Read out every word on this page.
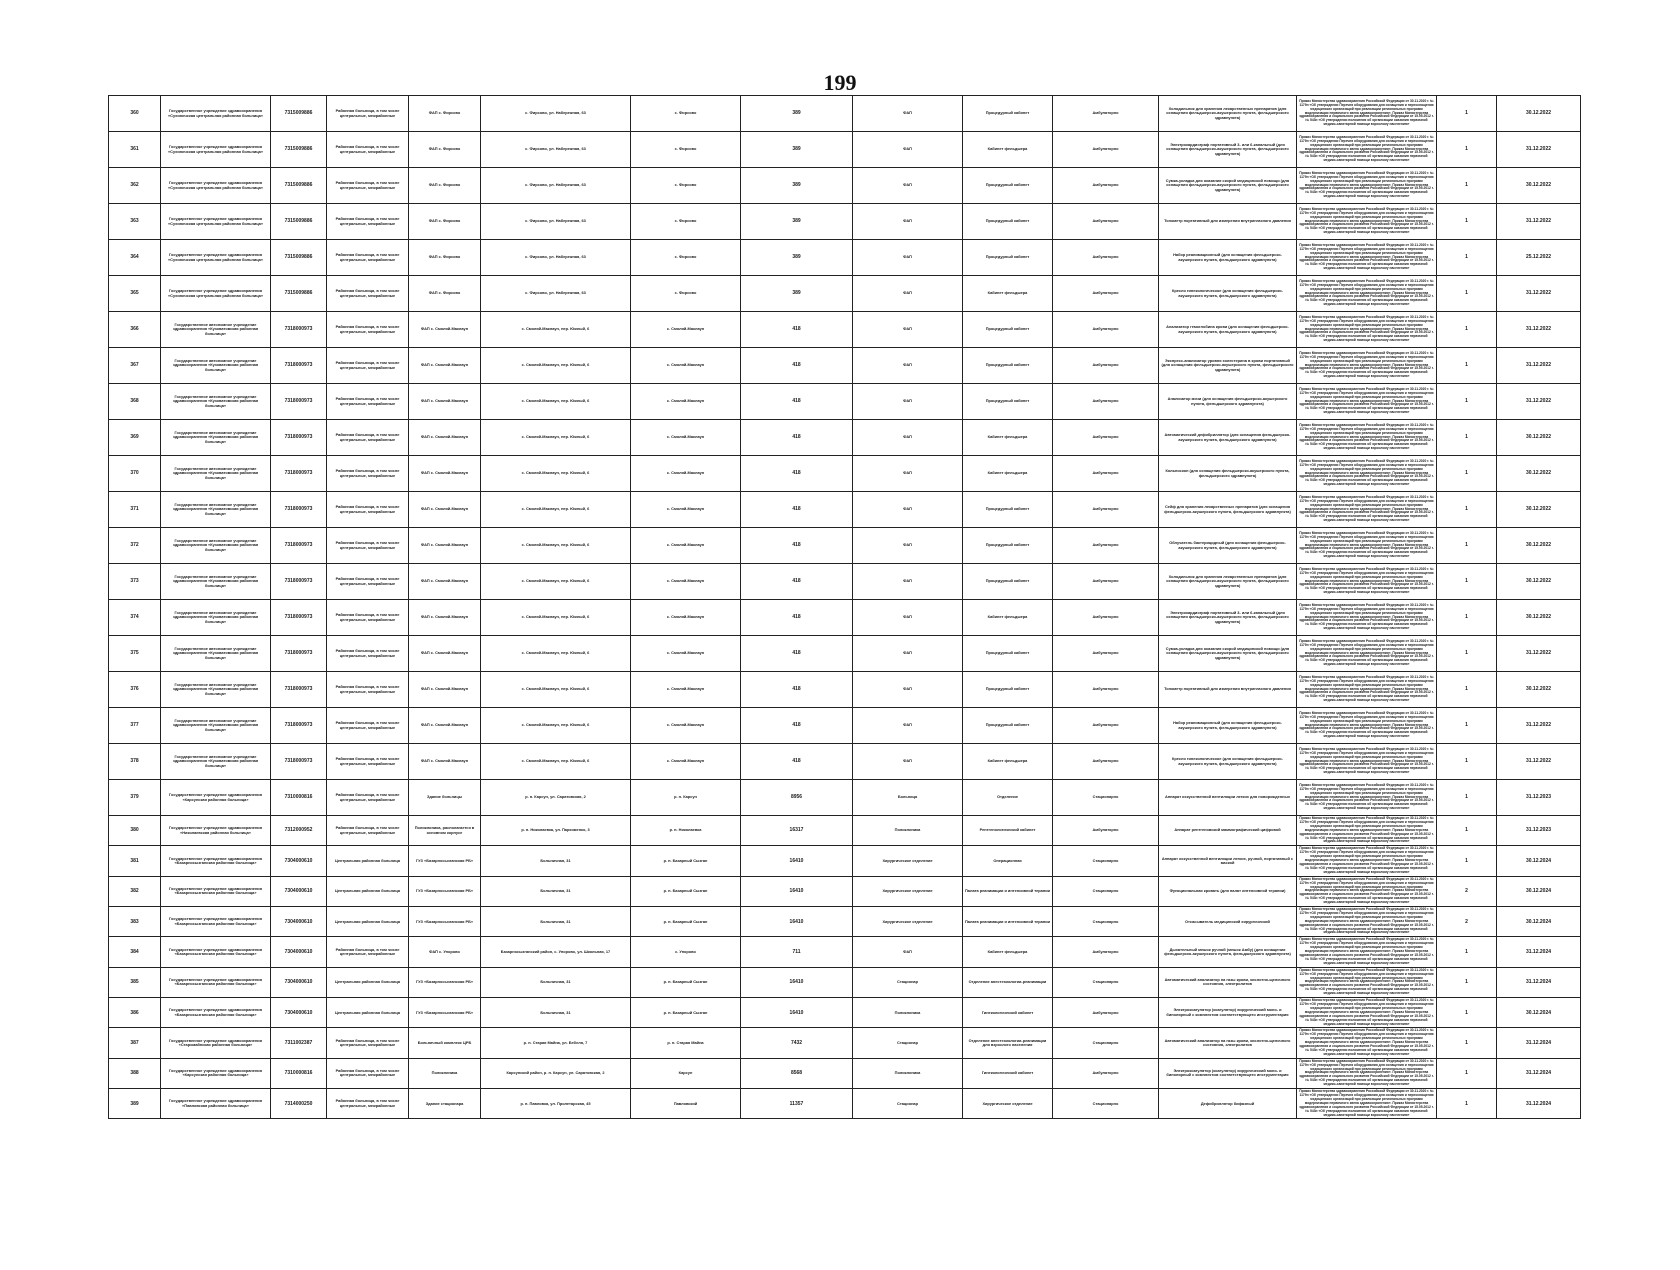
199
360	Государственное учреждение здравоохранения «Сухиничская центральная районная больница»	7315009886	Районная больница, в том числе центральные, межрайонные	ФАП с. Фирсово	с. Фирсово, ул. Набережная, 63	с. Фирсово	389	ФАП	Процедурный кабинет	Амбулаторно	Холодильник для хранения лекарственных препаратов (для оснащения фельдшерско-акушерского пункта, фельдшерского здравпункта)	Приказ Министерства здравоохранения Российской Федерации от 30.11.2020 г. № 1179н «Об утверждении Перечня оборудования для оснащения и переоснащения медицинских организаций при реализации региональных программ модернизации первичного звена здравоохранения». Приказ Министерства здравоохранения и социального развития Российской Федерации от 15.05.2012 г. № 543н «Об утверждении положения об организации оказания первичной медико-санитарной помощи взрослому населению»	1	30.12.2022
361	Государственное учреждение здравоохранения «Сухиничская центральная районная больница»	7315009886	Районная больница, в том числе центральные, межрайонные	ФАП с. Фирсово	с. Фирсово, ул. Набережная, 63	с. Фирсово	389	ФАП	Кабинет фельдшера	Амбулаторно	Электрокардиограф портативный 3- или 6-канальный (для оснащения фельдшерско-акушерского пункта, фельдшерского здравпункта)	Приказ Министерства здравоохранения Российской Федерации от 30.11.2020 г. № 1179н «Об утверждении Перечня оборудования для оснащения и переоснащения медицинских организаций при реализации региональных программ модернизации первичного звена здравоохранения». Приказ Министерства здравоохранения и социального развития Российской Федерации от 15.05.2012 г. № 543н «Об утверждении положения об организации оказания первичной медико-санитарной помощи взрослому населению»	1	31.12.2022
362	Государственное учреждение здравоохранения «Сухиничская центральная районная больница»	7315009886	Районная больница, в том числе центральные, межрайонные	ФАП с. Фирсово	с. Фирсово, ул. Набережная, 63	с. Фирсово	389	ФАП	Процедурный кабинет	Амбулаторно	Сумка-укладка для оказания скорой медицинской помощи (для оснащения фельдшерско-акушерского пункта, фельдшерского здравпункта)	Приказ Министерства здравоохранения Российской Федерации от 30.11.2020 г. № 1179н «Об утверждении Перечня оборудования для оснащения и переоснащения медицинских организаций при реализации региональных программ модернизации первичного звена здравоохранения». Приказ Министерства здравоохранения и социального развития Российской Федерации от 15.05.2012 г. № 543н «Об утверждении положения об организации оказания первичной медико-санитарной помощи взрослому населению»	1	30.12.2022
363	Государственное учреждение здравоохранения «Сухиничская центральная районная больница»	7315009886	Районная больница, в том числе центральные, межрайонные	ФАП с. Фирсово	с. Фирсово, ул. Набережная, 63	с. Фирсово	389	ФАП	Процедурный кабинет	Амбулаторно	Тонометр портативный для измерения внутриглазного давления	Приказ Министерства здравоохранения Российской Федерации от 30.11.2020 г. № 1179н «Об утверждении Перечня оборудования для оснащения и переоснащения медицинских организаций при реализации региональных программ модернизации первичного звена здравоохранения». Приказ Министерства здравоохранения и социального развития Российской Федерации от 15.05.2012 г. № 543н «Об утверждении положения об организации оказания первичной медико-санитарной помощи взрослому населению»	1	31.12.2022
364	Государственное учреждение здравоохранения «Сухиничская центральная районная больница»	7315009886	Районная больница, в том числе центральные, межрайонные	ФАП с. Фирсово	с. Фирсово, ул. Набережная, 63	с. Фирсово	389	ФАП	Процедурный кабинет	Амбулаторно	Набор реанимационный (для оснащения фельдшерско-акушерского пункта, фельдшерского здравпункта)	Приказ Министерства здравоохранения Российской Федерации от 30.11.2020 г. № 1179н «Об утверждении Перечня оборудования для оснащения и переоснащения медицинских организаций при реализации региональных программ модернизации первичного звена здравоохранения». Приказ Министерства здравоохранения и социального развития Российской Федерации от 15.05.2012 г. № 543н «Об утверждении положения об организации оказания первичной медико-санитарной помощи взрослому населению»	1	25.12.2022
365	Государственное учреждение здравоохранения «Сухиничская центральная районная больница»	7315009886	Районная больница, в том числе центральные, межрайонные	ФАП с. Фирсово	с. Фирсово, ул. Набережная, 63	с. Фирсово	389	ФАП	Кабинет фельдшера	Амбулаторно	Кресло гинекологическое (для оснащения фельдшерско-акушерского пункта, фельдшерского здравпункта)	Приказ Министерства здравоохранения Российской Федерации от 30.11.2020 г. № 1179н «Об утверждении Перечня оборудования для оснащения и переоснащения медицинских организаций при реализации региональных программ модернизации первичного звена здравоохранения». Приказ Министерства здравоохранения и социального развития Российской Федерации от 15.05.2012 г. № 543н «Об утверждении положения об организации оказания первичной медико-санитарной помощи взрослому населению»	1	31.12.2022
366	Государственное автономное учреждение здравоохранения «Кузоватовская районная больница»	7318000973	Районная больница, в том числе центральные, межрайонные	ФАП с. Смоляй-Маклаун	с. Смоляй-Маклаун, пер. Южный, 6	с. Смоляй-Маклаун	418	ФАП	Процедурный кабинет	Амбулаторно	Анализатор гемоглобина крови (для оснащения фельдшерско-акушерского пункта, фельдшерского здравпункта)	Приказ Министерства здравоохранения Российской Федерации от 30.11.2020 г. № 1179н «Об утверждении Перечня оборудования для оснащения и переоснащения медицинских организаций при реализации региональных программ модернизации первичного звена здравоохранения». Приказ Министерства здравоохранения и социального развития Российской Федерации от 15.05.2012 г. № 543н «Об утверждении положения об организации оказания первичной медико-санитарной помощи взрослому населению»	1	31.12.2022
367	Государственное автономное учреждение здравоохранения «Кузоватовская районная больница»	7318000973	Районная больница, в том числе центральные, межрайонные	ФАП с. Смоляй-Маклаун	с. Смоляй-Маклаун, пер. Южный, 6	с. Смоляй-Маклаун	418	ФАП	Процедурный кабинет	Амбулаторно	Экспресс-анализатор уровня холестерина в крови портативный (для оснащения фельдшерско-акушерского пункта, фельдшерского здравпункта)	Приказ Министерства здравоохранения Российской Федерации от 30.11.2020 г. № 1179н «Об утверждении Перечня оборудования для оснащения и переоснащения медицинских организаций при реализации региональных программ модернизации первичного звена здравоохранения». Приказ Министерства здравоохранения и социального развития Российской Федерации от 15.05.2012 г. № 543н «Об утверждении положения об организации оказания первичной медико-санитарной помощи взрослому населению»	1	31.12.2022
368	Государственное автономное учреждение здравоохранения «Кузоватовская районная больница»	7318000973	Районная больница, в том числе центральные, межрайонные	ФАП с. Смоляй-Маклаун	с. Смоляй-Маклаун, пер. Южный, 6	с. Смоляй-Маклаун	418	ФАП	Процедурный кабинет	Амбулаторно	Анализатор мочи (для оснащения фельдшерско-акушерского пункта, фельдшерского здравпункта)	Приказ Министерства здравоохранения Российской Федерации от 30.11.2020 г. № 1179н «Об утверждении Перечня оборудования для оснащения и переоснащения медицинских организаций при реализации региональных программ модернизации первичного звена здравоохранения». Приказ Министерства здравоохранения и социального развития Российской Федерации от 15.05.2012 г. № 543н «Об утверждении положения об организации оказания первичной медико-санитарной помощи взрослому населению»	1	31.12.2022
369	Государственное автономное учреждение здравоохранения «Кузоватовская районная больница»	7318000973	Районная больница, в том числе центральные, межрайонные	ФАП с. Смоляй-Маклаун	с. Смоляй-Маклаун, пер. Южный, 6	с. Смоляй-Маклаун	418	ФАП	Кабинет фельдшера	Амбулаторно	Автоматический дефибриллятор (для оснащения фельдшерско-акушерского пункта, фельдшерского здравпункта)	Приказ Министерства здравоохранения Российской Федерации от 30.11.2020 г. № 1179н «Об утверждении Перечня оборудования для оснащения и переоснащения медицинских организаций при реализации региональных программ модернизации первичного звена здравоохранения». Приказ Министерства здравоохранения и социального развития Российской Федерации от 15.05.2012 г. № 543н «Об утверждении положения об организации оказания первичной медико-санитарной помощи взрослому населению»	1	30.12.2022
370	Государственное автономное учреждение здравоохранения «Кузоватовская районная больница»	7318000973	Районная больница, в том числе центральные, межрайонные	ФАП с. Смоляй-Маклаун	с. Смоляй-Маклаун, пер. Южный, 6	с. Смоляй-Маклаун	418	ФАП	Кабинет фельдшера	Амбулаторно	Кольпоскоп (для оснащения фельдшерско-акушерского пункта, фельдшерского здравпункта)	Приказ Министерства здравоохранения Российской Федерации от 30.11.2020 г. № 1179н «Об утверждении Перечня оборудования для оснащения и переоснащения медицинских организаций при реализации региональных программ модернизации первичного звена здравоохранения». Приказ Министерства здравоохранения и социального развития Российской Федерации от 15.05.2012 г. № 543н «Об утверждении положения об организации оказания первичной медико-санитарной помощи взрослому населению»	1	30.12.2022
371	Государственное автономное учреждение здравоохранения «Кузоватовская районная больница»	7318000973	Районная больница, в том числе центральные, межрайонные	ФАП с. Смоляй-Маклаун	с. Смоляй-Маклаун, пер. Южный, 6	с. Смоляй-Маклаун	418	ФАП	Процедурный кабинет	Амбулаторно	Сейф для хранения лекарственных препаратов (для оснащения фельдшерско-акушерского пункта, фельдшерского здравпункта)	Приказ Министерства здравоохранения Российской Федерации от 30.11.2020 г. № 1179н «Об утверждении Перечня оборудования для оснащения и переоснащения медицинских организаций при реализации региональных программ модернизации первичного звена здравоохранения». Приказ Министерства здравоохранения и социального развития Российской Федерации от 15.05.2012 г. № 543н «Об утверждении положения об организации оказания первичной медико-санитарной помощи взрослому населению»	1	30.12.2022
372	Государственное автономное учреждение здравоохранения «Кузоватовская районная больница»	7318000973	Районная больница, в том числе центральные, межрайонные	ФАП с. Смоляй-Маклаун	с. Смоляй-Маклаун, пер. Южный, 6	с. Смоляй-Маклаун	418	ФАП	Процедурный кабинет	Амбулаторно	Облучатель бактерицидный (для оснащения фельдшерско-акушерского пункта, фельдшерского здравпункта)	Приказ Министерства здравоохранения Российской Федерации от 30.11.2020 г. № 1179н «Об утверждении Перечня оборудования для оснащения и переоснащения медицинских организаций при реализации региональных программ модернизации первичного звена здравоохранения». Приказ Министерства здравоохранения и социального развития Российской Федерации от 15.05.2012 г. № 543н «Об утверждении положения об организации оказания первичной медико-санитарной помощи взрослому населению»	1	30.12.2022
373	Государственное автономное учреждение здравоохранения «Кузоватовская районная больница»	7318000973	Районная больница, в том числе центральные, межрайонные	ФАП с. Смоляй-Маклаун	с. Смоляй-Маклаун, пер. Южный, 6	с. Смоляй-Маклаун	418	ФАП	Процедурный кабинет	Амбулаторно	Холодильник для хранения лекарственных препаратов (для оснащения фельдшерско-акушерского пункта, фельдшерского здравпункта)	Приказ Министерства здравоохранения Российской Федерации от 30.11.2020 г. № 1179н «Об утверждении Перечня оборудования для оснащения и переоснащения медицинских организаций при реализации региональных программ модернизации первичного звена здравоохранения». Приказ Министерства здравоохранения и социального развития Российской Федерации от 15.05.2012 г. № 543н «Об утверждении положения об организации оказания первичной медико-санитарной помощи взрослому населению»	1	30.12.2022
374	Государственное автономное учреждение здравоохранения «Кузоватовская районная больница»	7318000973	Районная больница, в том числе центральные, межрайонные	ФАП с. Смоляй-Маклаун	с. Смоляй-Маклаун, пер. Южный, 6	с. Смоляй-Маклаун	418	ФАП	Кабинет фельдшера	Амбулаторно	Электрокардиограф портативный 3- или 6-канальный (для оснащения фельдшерско-акушерского пункта, фельдшерского здравпункта)	Приказ Министерства здравоохранения Российской Федерации от 30.11.2020 г. № 1179н «Об утверждении Перечня оборудования для оснащения и переоснащения медицинских организаций при реализации региональных программ модернизации первичного звена здравоохранения». Приказ Министерства здравоохранения и социального развития Российской Федерации от 15.05.2012 г. № 543н «Об утверждении положения об организации оказания первичной медико-санитарной помощи взрослому населению»	1	30.12.2022
375	Государственное автономное учреждение здравоохранения «Кузоватовская районная больница»	7318000973	Районная больница, в том числе центральные, межрайонные	ФАП с. Смоляй-Маклаун	с. Смоляй-Маклаун, пер. Южный, 6	с. Смоляй-Маклаун	418	ФАП	Процедурный кабинет	Амбулаторно	Сумка-укладка для оказания скорой медицинской помощи (для оснащения фельдшерско-акушерского пункта, фельдшерского здравпункта)	Приказ Министерства здравоохранения Российской Федерации от 30.11.2020 г. № 1179н «Об утверждении Перечня оборудования для оснащения и переоснащения медицинских организаций при реализации региональных программ модернизации первичного звена здравоохранения». Приказ Министерства здравоохранения и социального развития Российской Федерации от 15.05.2012 г. № 543н «Об утверждении положения об организации оказания первичной медико-санитарной помощи взрослому населению»	1	31.12.2022
376	Государственное автономное учреждение здравоохранения «Кузоватовская районная больница»	7318000973	Районная больница, в том числе центральные, межрайонные	ФАП с. Смоляй-Маклаун	с. Смоляй-Маклаун, пер. Южный, 6	с. Смоляй-Маклаун	418	ФАП	Процедурный кабинет	Амбулаторно	Тонометр портативный для измерения внутриглазного давления	Приказ Министерства здравоохранения Российской Федерации от 30.11.2020 г. № 1179н «Об утверждении Перечня оборудования для оснащения и переоснащения медицинских организаций при реализации региональных программ модернизации первичного звена здравоохранения». Приказ Министерства здравоохранения и социального развития Российской Федерации от 15.05.2012 г. № 543н «Об утверждении положения об организации оказания первичной медико-санитарной помощи взрослому населению»	1	30.12.2022
377	Государственное автономное учреждение здравоохранения «Кузоватовская районная больница»	7318000973	Районная больница, в том числе центральные, межрайонные	ФАП с. Смоляй-Маклаун	с. Смоляй-Маклаун, пер. Южный, 6	с. Смоляй-Маклаун	418	ФАП	Процедурный кабинет	Амбулаторно	Набор реанимационный (для оснащения фельдшерско-акушерского пункта, фельдшерского здравпункта)	Приказ Министерства здравоохранения Российской Федерации от 30.11.2020 г. № 1179н «Об утверждении Перечня оборудования для оснащения и переоснащения медицинских организаций при реализации региональных программ модернизации первичного звена здравоохранения». Приказ Министерства здравоохранения и социального развития Российской Федерации от 15.05.2012 г. № 543н «Об утверждении положения об организации оказания первичной медико-санитарной помощи взрослому населению»	1	31.12.2022
378	Государственное автономное учреждение здравоохранения «Кузоватовская районная больница»	7318000973	Районная больница, в том числе центральные, межрайонные	ФАП с. Смоляй-Маклаун	с. Смоляй-Маклаун, пер. Южный, 6	с. Смоляй-Маклаун	418	ФАП	Кабинет фельдшера	Амбулаторно	Кресло гинекологическое (для оснащения фельдшерско-акушерского пункта, фельдшерского здравпункта)	Приказ Министерства здравоохранения Российской Федерации от 30.11.2020 г. № 1179н «Об утверждении Перечня оборудования для оснащения и переоснащения медицинских организаций при реализации региональных программ модернизации первичного звена здравоохранения». Приказ Министерства здравоохранения и социального развития Российской Федерации от 15.05.2012 г. № 543н «Об утверждении положения об организации оказания первичной медико-санитарной помощи взрослому населению»	1	31.12.2022
379	Государственное учреждение здравоохранения «Карсунская районная больница»	7310000816	Районная больница, в том числе центральные, межрайонные	Здание больницы	р. п. Карсун, ул. Саратовская, 2	р. п. Карсун	8956	Больница	Отделение	Стационарно	Аппарат искусственной вентиляции легких для новорожденных	Приказ Министерства здравоохранения Российской Федерации от 30.11.2020 г. № 1179н «Об утверждении Перечня оборудования для оснащения и переоснащения медицинских организаций при реализации региональных программ модернизации первичного звена здравоохранения». Приказ Министерства здравоохранения и социального развития Российской Федерации от 15.05.2012 г. № 543н «Об утверждении положения об организации оказания первичной медико-санитарной помощи взрослому населению»	1	31.12.2023
380	Государственное учреждение здравоохранения «Николаевская районная больница»	7312000952	Районная больница, в том числе центральные, межрайонные	Поликлиника, располагается в основном корпусе	р. п. Николаевка, ул. Пархоменко, 3	р. п. Николаевка	16317	Поликлиника	Рентгенологический кабинет	Амбулаторно	Аппарат рентгеновский маммографический цифровой	Приказ Министерства здравоохранения Российской Федерации от 30.11.2020 г. № 1179н «Об утверждении Перечня оборудования для оснащения и переоснащения медицинских организаций при реализации региональных программ модернизации первичного звена здравоохранения». Приказ Министерства здравоохранения и социального развития Российской Федерации от 15.05.2012 г. № 543н «Об утверждении положения об организации оказания первичной медико-санитарной помощи взрослому населению»	1	31.12.2023
381	Государственное учреждение здравоохранения «Базарносызганская районная больница»	7304000610	Центральная районная больница	ГУЗ «Базарносызганская РБ»	Больничная, 31	р. п. Базарный Сызган	16410	Хирургическое отделение	Операционная	Стационарно	Аппарат искусственной вентиляции легких, ручной, портативный с маской	Приказ Министерства здравоохранения Российской Федерации от 30.11.2020 г. № 1179н «Об утверждении Перечня оборудования для оснащения и переоснащения медицинских организаций при реализации региональных программ модернизации первичного звена здравоохранения». Приказ Министерства здравоохранения и социального развития Российской Федерации от 15.05.2012 г. № 543н «Об утверждении положения об организации оказания первичной медико-санитарной помощи взрослому населению»	1	30.12.2024
382	Государственное учреждение здравоохранения «Базарносызганская районная больница»	7304000610	Центральная районная больница	ГУЗ «Базарносызганская РБ»	Больничная, 31	р. п. Базарный Сызган	16410	Хирургическое отделение	Палата реанимации и интенсивной терапии	Стационарно	Функциональная кровать (для палат интенсивной терапии)	Приказ Министерства здравоохранения Российской Федерации от 30.11.2020 г. № 1179н «Об утверждении Перечня оборудования для оснащения и переоснащения медицинских организаций при реализации региональных программ модернизации первичного звена здравоохранения». Приказ Министерства здравоохранения и социального развития Российской Федерации от 15.05.2012 г. № 543н «Об утверждении положения об организации оказания первичной медико-санитарной помощи взрослому населению»	2	30.12.2024
383	Государственное учреждение здравоохранения «Базарносызганская районная больница»	7304000610	Центральная районная больница	ГУЗ «Базарносызганская РБ»	Больничная, 31	р. п. Базарный Сызган	16410	Хирургическое отделение	Палата реанимации и интенсивной терапии	Стационарно	Отсасыватель медицинский хирургический	Приказ Министерства здравоохранения Российской Федерации от 30.11.2020 г. № 1179н «Об утверждении Перечня оборудования для оснащения и переоснащения медицинских организаций при реализации региональных программ модернизации первичного звена здравоохранения». Приказ Министерства здравоохранения и социального развития Российской Федерации от 15.05.2012 г. № 543н «Об утверждении положения об организации оказания первичной медико-санитарной помощи взрослому населению»	2	30.12.2024
384	Государственное учреждение здравоохранения «Базарносызганская районная больница»	7304000610	Районная больница, в том числе центральные, межрайонные	ФАП с. Упорово	Базарносызганский район, с. Упорово, ул. Школьная, 17	с. Упорово	711	ФАП	Кабинет фельдшера	Амбулаторно	Дыхательный мешок ручной (мешок Амбу) (для оснащения фельдшерско-акушерского пункта, фельдшерского здравпункта)	Приказ Министерства здравоохранения Российской Федерации от 30.11.2020 г. № 1179н «Об утверждении Перечня оборудования для оснащения и переоснащения медицинских организаций при реализации региональных программ модернизации первичного звена здравоохранения». Приказ Министерства здравоохранения и социального развития Российской Федерации от 15.05.2012 г. № 543н «Об утверждении положения об организации оказания первичной медико-санитарной помощи взрослому населению»	1	31.12.2024
385	Государственное учреждение здравоохранения «Базарносызганская районная больница»	7304000610	Центральная районная больница	ГУЗ «Базарносызганская РБ»	Больничная, 31	р. п. Базарный Сызган	16410	Стационар	Отделение анестезиологии-реанимации	Стационарно	Автоматический анализатор на газы крови, кислотно-щелочного состояния, электролитов	Приказ Министерства здравоохранения Российской Федерации от 30.11.2020 г. № 1179н «Об утверждении Перечня оборудования для оснащения и переоснащения медицинских организаций при реализации региональных программ модернизации первичного звена здравоохранения». Приказ Министерства здравоохранения и социального развития Российской Федерации от 15.05.2012 г. № 543н «Об утверждении положения об организации оказания первичной медико-санитарной помощи взрослому населению»	1	31.12.2024
386	Государственное учреждение здравоохранения «Базарносызганская районная больница»	7304000610	Центральная районная больница	ГУЗ «Базарносызганская РБ»	Больничная, 31	р. п. Базарный Сызган	16410	Поликлиника	Гинекологический кабинет	Амбулаторно	Электрокоагулятор (коагулятор) хирургический моно- и биполярный с комплектом соответствующего инструментария	Приказ Министерства здравоохранения Российской Федерации от 30.11.2020 г. № 1179н «Об утверждении Перечня оборудования для оснащения и переоснащения медицинских организаций при реализации региональных программ модернизации первичного звена здравоохранения». Приказ Министерства здравоохранения и социального развития Российской Федерации от 15.05.2012 г. № 543н «Об утверждении положения об организации оказания первичной медико-санитарной помощи взрослому населению»	1	30.12.2024
387	Государственное учреждение здравоохранения «Старомайнская районная больница»	7311002387	Районная больница, в том числе центральные, межрайонные	Больничный комплекс ЦРБ	р. п. Старая Майна, ул. Бебеля, 7	р. п. Старая Майна	7432	Стационар	Отделение анестезиологии-реанимации для взрослого населения	Стационарно	Автоматический анализатор на газы крови, кислотно-щелочного состояния, электролитов	Приказ Министерства здравоохранения Российской Федерации от 30.11.2020 г. № 1179н «Об утверждении Перечня оборудования для оснащения и переоснащения медицинских организаций при реализации региональных программ модернизации первичного звена здравоохранения». Приказ Министерства здравоохранения и социального развития Российской Федерации от 15.05.2012 г. № 543н «Об утверждении положения об организации оказания первичной медико-санитарной помощи взрослому населению»	1	31.12.2024
388	Государственное учреждение здравоохранения «Карсунская районная больница»	7310000816	Районная больница, в том числе центральные, межрайонные	Поликлиника	Карсунский район, р. п. Карсун, ул. Саратовская, 2	Карсун	8568	Поликлиника	Гинекологический кабинет	Амбулаторно	Электрокоагулятор (коагулятор) хирургический моно- и биполярный с комплектом соответствующего инструментария	Приказ Министерства здравоохранения Российской Федерации от 30.11.2020 г. № 1179н «Об утверждении Перечня оборудования для оснащения и переоснащения медицинских организаций при реализации региональных программ модернизации первичного звена здравоохранения». Приказ Министерства здравоохранения и социального развития Российской Федерации от 15.05.2012 г. № 543н «Об утверждении положения об организации оказания первичной медико-санитарной помощи взрослому населению»	1	31.12.2024
389	Государственное учреждение здравоохранения «Павловская районная больница»	7314000250	Районная больница, в том числе центральные, межрайонные	Здание стационара	р. п. Павловка, ул. Пролетарская, 45	Павловский	11357	Стационар	Хирургическое отделение	Стационарно	Дефибриллятор бифазный	Приказ Министерства здравоохранения Российской Федерации от 30.11.2020 г. № 1179н «Об утверждении Перечня оборудования для оснащения и переоснащения медицинских организаций при реализации региональных программ модернизации первичного звена здравоохранения». Приказ Министерства здравоохранения и социального развития Российской Федерации от 15.05.2012 г. № 543н «Об утверждении положения об организации оказания первичной медико-санитарной помощи взрослому населению»	1	31.12.2024
